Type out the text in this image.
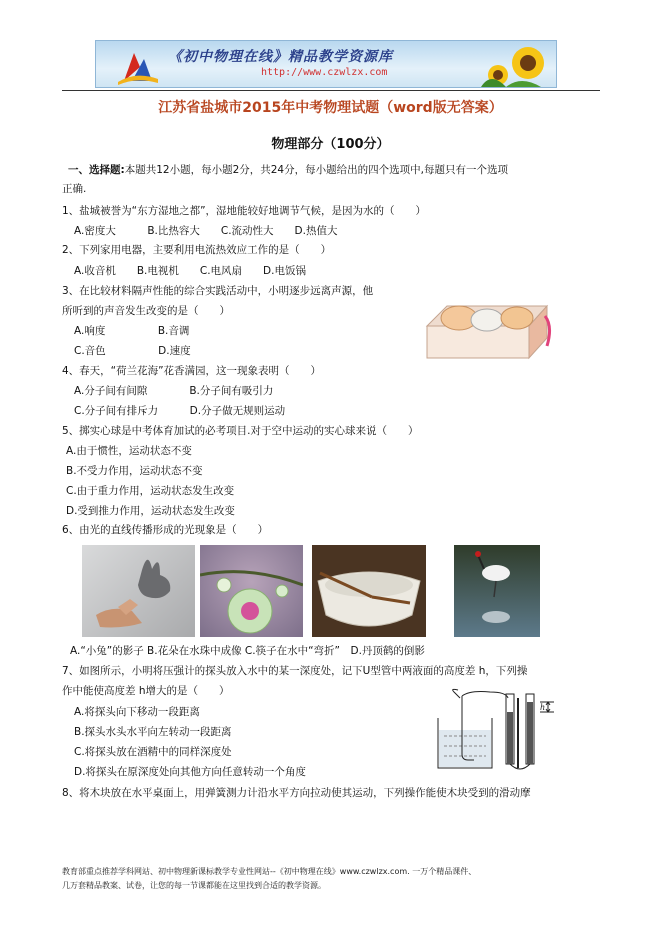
《初中物理在线》精品教学资源库
http://www.czwlzx.com
江苏省盐城市2015年中考物理试题（word版无答案）
物理部分（100分）
一、选择题:本题共12小题，每小题2分，共24分，每小题给出的四个选项中,每题只有一个选项
正确.
1、盐城被誉为“东方湿地之都”，湿地能较好地调节气候，是因为水的（　　）
A.密度大　　　B.比热容大　　C.流动性大　　D.热值大
2、下列家用电器，主要利用电流热效应工作的是（　　）
A.收音机　　B.电视机　　C.电风扇　　D.电饭锅
3、在比较材料隔声性能的综合实践活动中，小明逐步远离声源，他
所听到的声音发生改变的是（　　）
A.响度　　　　　B.音调
C.音色　　　　　D.速度
4、春天，“荷兰花海”花香满园，这一现象表明（　　）
A.分子间有间隙　　　　B.分子间有吸引力
C.分子间有排斥力　　　D.分子做无规则运动
5、掷实心球是中考体育加试的必考项目.对于空中运动的实心球来说（　　）
A.由于惯性，运动状态不变
B.不受力作用，运动状态不变
C.由于重力作用，运动状态发生改变
D.受到推力作用，运动状态发生改变
6、由光的直线传播形成的光现象是（　　）
A.“小兔”的影子 B.花朵在水珠中成像 C.筷子在水中“弯折”　D.丹顶鹤的倒影
7、如图所示，小明将压强计的探头放入水中的某一深度处，记下U型管中两液面的高度差 h，下列操
作中能使高度差 h增大的是（　　）
A.将探头向下移动一段距离
B.探头水头水平向左转动一段距离
C.将探头放在酒精中的同样深度处
D.将探头在原深度处向其他方向任意转动一个角度
h
8、将木块放在水平桌面上，用弹簧测力计沿水平方向拉动使其运动，下列操作能使木块受到的滑动摩
教育部重点推荐学科网站、初中物理新课标教学专业性网站--《初中物理在线》www.czwlzx.com. 一万个精品课件、
几万套精品教案、试卷，让您的每一节课都能在这里找到合适的教学资源。
